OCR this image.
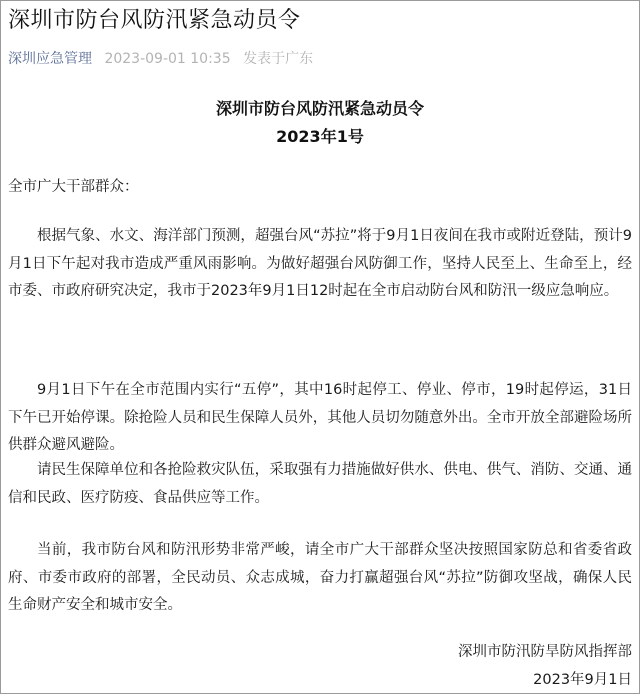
深圳市防台风防汛紧急动员令
深圳应急管理 2023-09-01 10:35 发表于广东
深圳市防台风防汛紧急动员令
2023年1号
全市广大干部群众：

根据气象、水文、海洋部门预测，超强台风“苏拉”将于9月1日夜间在我市或附近登陆，预计9月1日下午起对我市造成严重风雨影响。为做好超强台风防御工作，坚持人民至上、生命至上，经市委、市政府研究决定，我市于2023年9月1日12时起在全市启动防台风和防汛一级应急响应。

9月1日下午在全市范围内实行“五停”，其中16时起停工、停业、停市，19时起停运，31日下午已开始停课。除抢险人员和民生保障人员外，其他人员切勿随意外出。全市开放全部避险场所供群众避风避险。

请民生保障单位和各抢险救灾队伍，采取强有力措施做好供水、供电、供气、消防、交通、通信和民政、医疗防疫、食品供应等工作。

当前，我市防台风和防汛形势非常严峻，请全市广大干部群众坚决按照国家防总和省委省政府、市委市政府的部署，全民动员、众志成城，奋力打赢超强台风“苏拉”防御攻坚战，确保人民生命财产安全和城市安全。

深圳市防汛防旱防风指挥部
2023年9月1日
